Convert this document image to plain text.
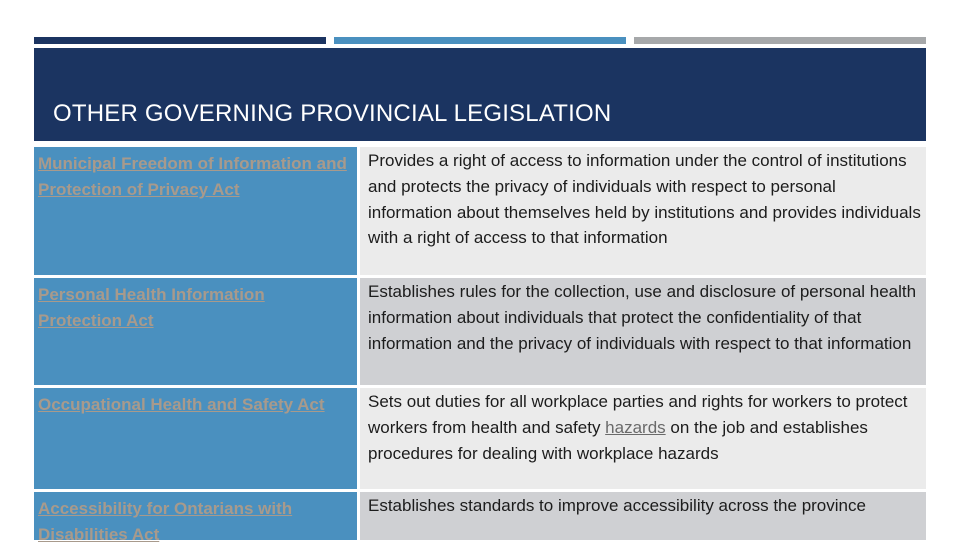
OTHER GOVERNING PROVINCIAL LEGISLATION
Municipal Freedom of Information and Protection of Privacy Act
Provides a right of access to information under the control of institutions and protects the privacy of individuals with respect to personal information about themselves held by institutions and provides individuals with a right of access to that information
Personal Health Information Protection Act
Establishes rules for the collection, use and disclosure of personal health information about individuals that protect the confidentiality of that information and the privacy of individuals with respect to that information
Occupational Health and Safety Act	Sets out duties for all workplace parties and rights for workers to protect workers from health and safety hazards on the job and establishes procedures for dealing with workplace hazards
Accessibility for Ontarians with Disabilities Act
Establishes standards to improve accessibility across the province
